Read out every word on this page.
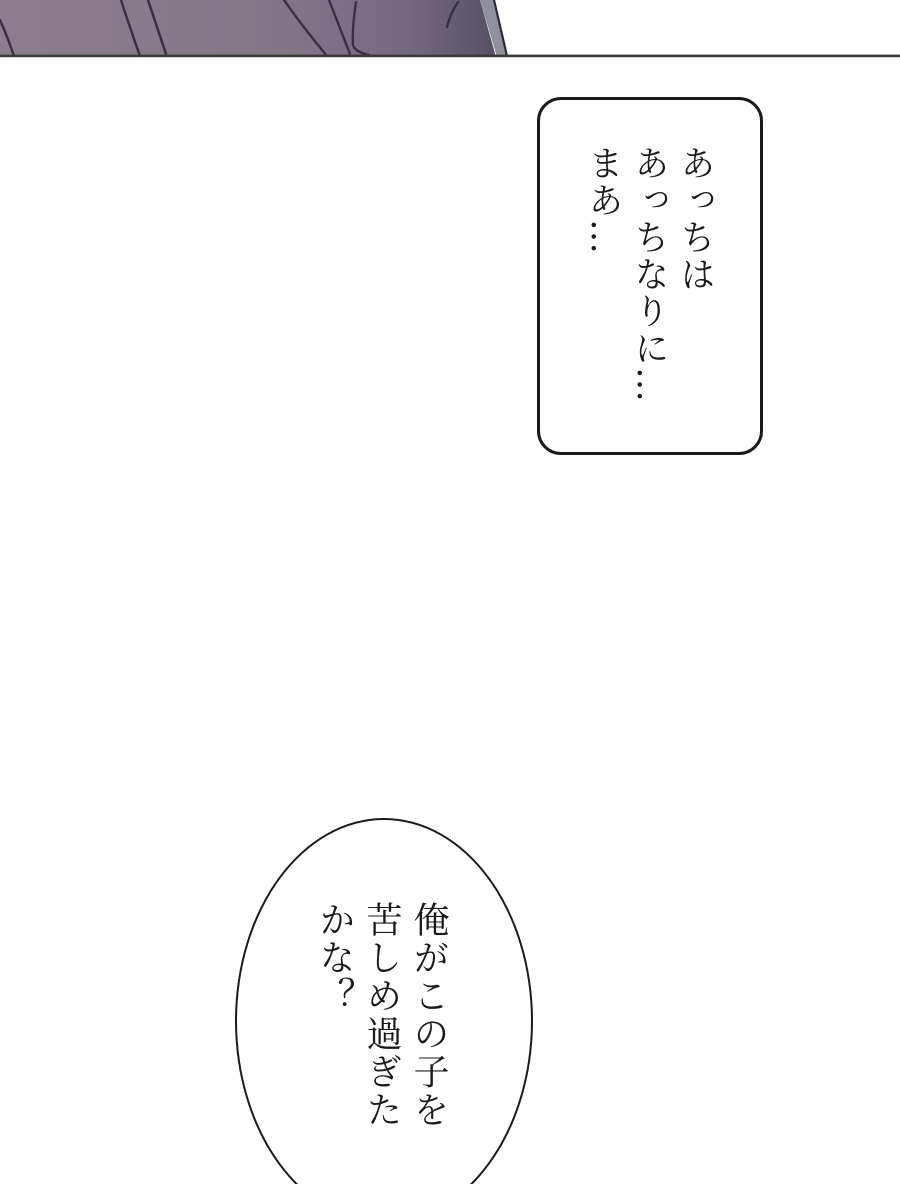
あっちは
あっちなりに…
まあ…
俺がこの子を
苦しめ過ぎた
かな？
